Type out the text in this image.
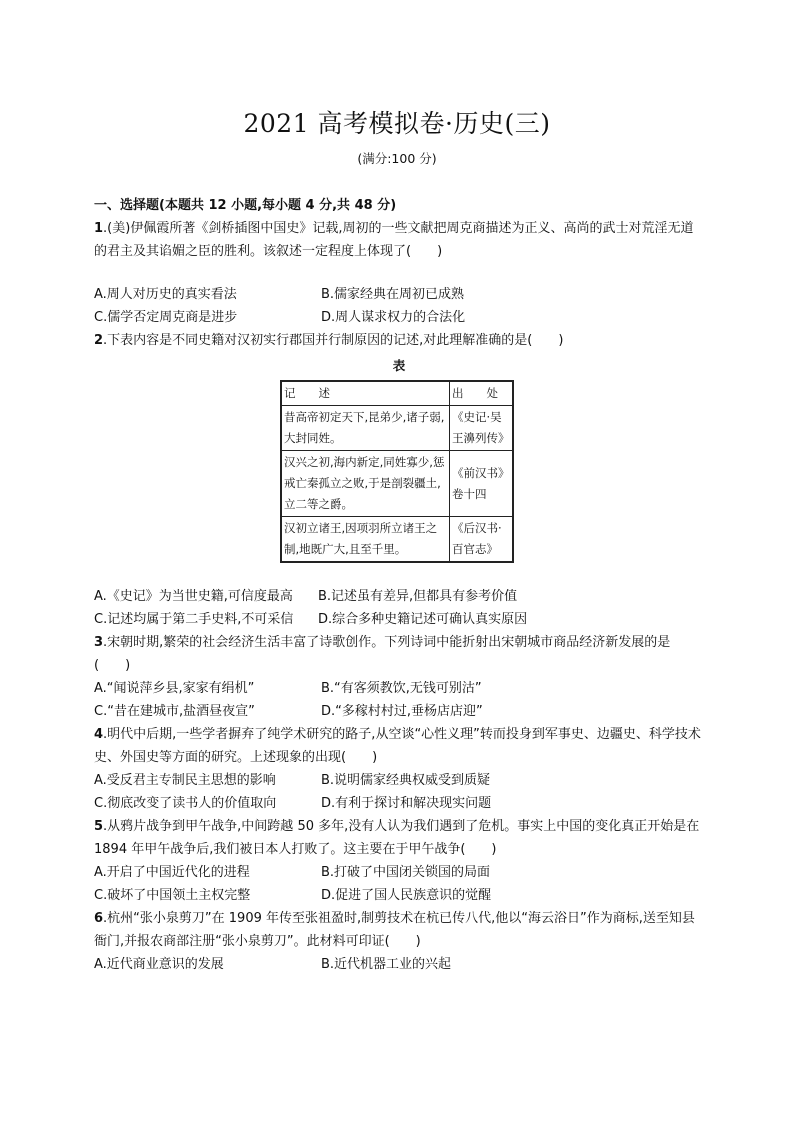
2021 高考模拟卷·历史(三)
(满分:100 分)
一、选择题(本题共 12 小题,每小题 4 分,共 48 分)

1.(美)伊佩霞所著《剑桥插图中国史》记载,周初的一些文献把周克商描述为正义、高尚的武士对荒淫无道的君主及其谄媚之臣的胜利。该叙述一定程度上体现了(　　)

A.周人对历史的真实看法	B.儒家经典在周初已成熟
C.儒学否定周克商是进步	D.周人谋求权力的合法化

2.下表内容是不同史籍对汉初实行郡国并行制原因的记述,对此理解准确的是(　　)

表
记　　述	出　　处
昔高帝初定天下,昆弟少,诸子弱,大封同姓。	《史记·吴王濞列传》
汉兴之初,海内新定,同姓寡少,惩戒亡秦孤立之败,于是剖裂疆土,立二等之爵。	《前汉书》卷十四
汉初立诸王,因项羽所立诸王之制,地既广大,且至千里。	《后汉书·百官志》
A.《史记》为当世史籍,可信度最高	B.记述虽有差异,但都具有参考价值
C.记述均属于第二手史料,不可采信	D.综合多种史籍记述可确认真实原因

3.宋朝时期,繁荣的社会经济生活丰富了诗歌创作。下列诗词中能折射出宋朝城市商品经济新发展的是(　　)

A.“闻说萍乡县,家家有绢机”	B.“有客须教饮,无钱可别沽”
C.“昔在建城市,盐酒昼夜宣”	D.“多稼村村过,垂杨店店迎”

4.明代中后期,一些学者摒弃了纯学术研究的路子,从空谈“心性义理”转而投身到军事史、边疆史、科学技术史、外国史等方面的研究。上述现象的出现(　　)

A.受反君主专制民主思想的影响	B.说明儒家经典权威受到质疑
C.彻底改变了读书人的价值取向	D.有利于探讨和解决现实问题

5.从鸦片战争到甲午战争,中间跨越 50 多年,没有人认为我们遇到了危机。事实上中国的变化真正开始是在 1894 年甲午战争后,我们被日本人打败了。这主要在于甲午战争(　　)

A.开启了中国近代化的进程	B.打破了中国闭关锁国的局面
C.破坏了中国领土主权完整	D.促进了国人民族意识的觉醒

6.杭州“张小泉剪刀”在 1909 年传至张祖盈时,制剪技术在杭已传八代,他以“海云浴日”作为商标,送至知县衙门,并报农商部注册“张小泉剪刀”。此材料可印证(　　)

A.近代商业意识的发展	B.近代机器工业的兴起
